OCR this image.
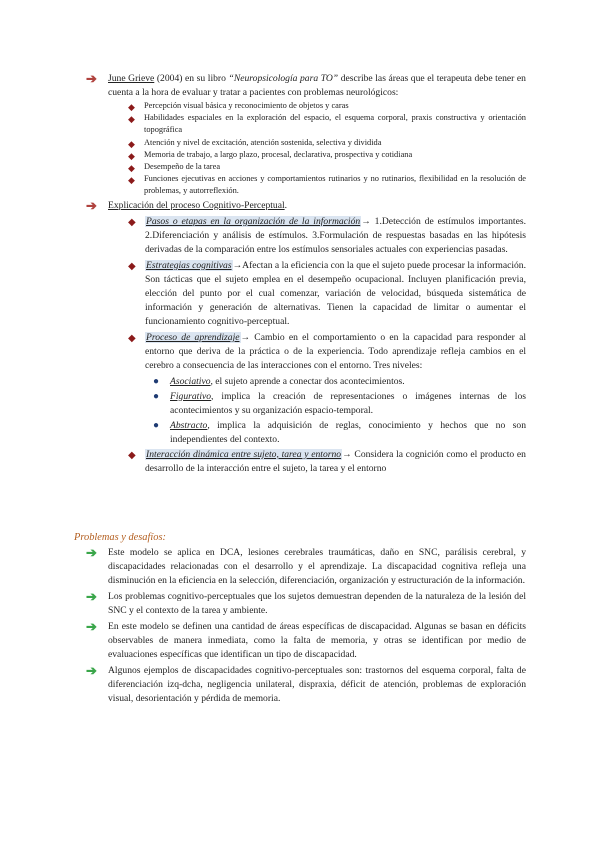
➔ June Grieve (2004) en su libro “Neuropsicología para TO” describe las áreas que el terapeuta debe tener en cuenta a la hora de evaluar y tratar a pacientes con problemas neurológicos:
◆ Percepción visual básica y reconocimiento de objetos y caras
◆ Habilidades espaciales en la exploración del espacio, el esquema corporal, praxis constructiva y orientación topográfica
◆ Atención y nivel de excitación, atención sostenida, selectiva y dividida
◆ Memoria de trabajo, a largo plazo, procesal, declarativa, prospectiva y cotidiana
◆ Desempeño de la tarea
◆ Funciones ejecutivas en acciones y comportamientos rutinarios y no rutinarios, flexibilidad en la resolución de problemas, y autorreflexión.
➔ Explicación del proceso Cognitivo-Perceptual.
◆ Pasos o etapas en la organización de la información→ 1.Detección de estímulos importantes. 2.Diferenciación y análisis de estímulos. 3.Formulación de respuestas basadas en las hipótesis derivadas de la comparación entre los estímulos sensoriales actuales con experiencias pasadas.
◆ Estrategias cognitivas→Afectan a la eficiencia con la que el sujeto puede procesar la información. Son tácticas que el sujeto emplea en el desempeño ocupacional. Incluyen planificación previa, elección del punto por el cual comenzar, variación de velocidad, búsqueda sistemática de información y generación de alternativas. Tienen la capacidad de limitar o aumentar el funcionamiento cognitivo-perceptual.
◆ Proceso de aprendizaje→ Cambio en el comportamiento o en la capacidad para responder al entorno que deriva de la práctica o de la experiencia. Todo aprendizaje refleja cambios en el cerebro a consecuencia de las interacciones con el entorno. Tres niveles:
● Asociativo, el sujeto aprende a conectar dos acontecimientos.
● Figurativo, implica la creación de representaciones o imágenes internas de los acontecimientos y su organización espacio-temporal.
● Abstracto, implica la adquisición de reglas, conocimiento y hechos que no son independientes del contexto.
◆ Interacción dinámica entre sujeto, tarea y entorno→ Considera la cognición como el producto en desarrollo de la interacción entre el sujeto, la tarea y el entorno
Problemas y desafíos:
➔ Este modelo se aplica en DCA, lesiones cerebrales traumáticas, daño en SNC, parálisis cerebral, y discapacidades relacionadas con el desarrollo y el aprendizaje. La discapacidad cognitiva refleja una disminución en la eficiencia en la selección, diferenciación, organización y estructuración de la información.
➔ Los problemas cognitivo-perceptuales que los sujetos demuestran dependen de la naturaleza de la lesión del SNC y el contexto de la tarea y ambiente.
➔ En este modelo se definen una cantidad de áreas específicas de discapacidad. Algunas se basan en déficits observables de manera inmediata, como la falta de memoria, y otras se identifican por medio de evaluaciones específicas que identifican un tipo de discapacidad.
➔ Algunos ejemplos de discapacidades cognitivo-perceptuales son: trastornos del esquema corporal, falta de diferenciación izq-dcha, negligencia unilateral, dispraxia, déficit de atención, problemas de exploración visual, desorientación y pérdida de memoria.
